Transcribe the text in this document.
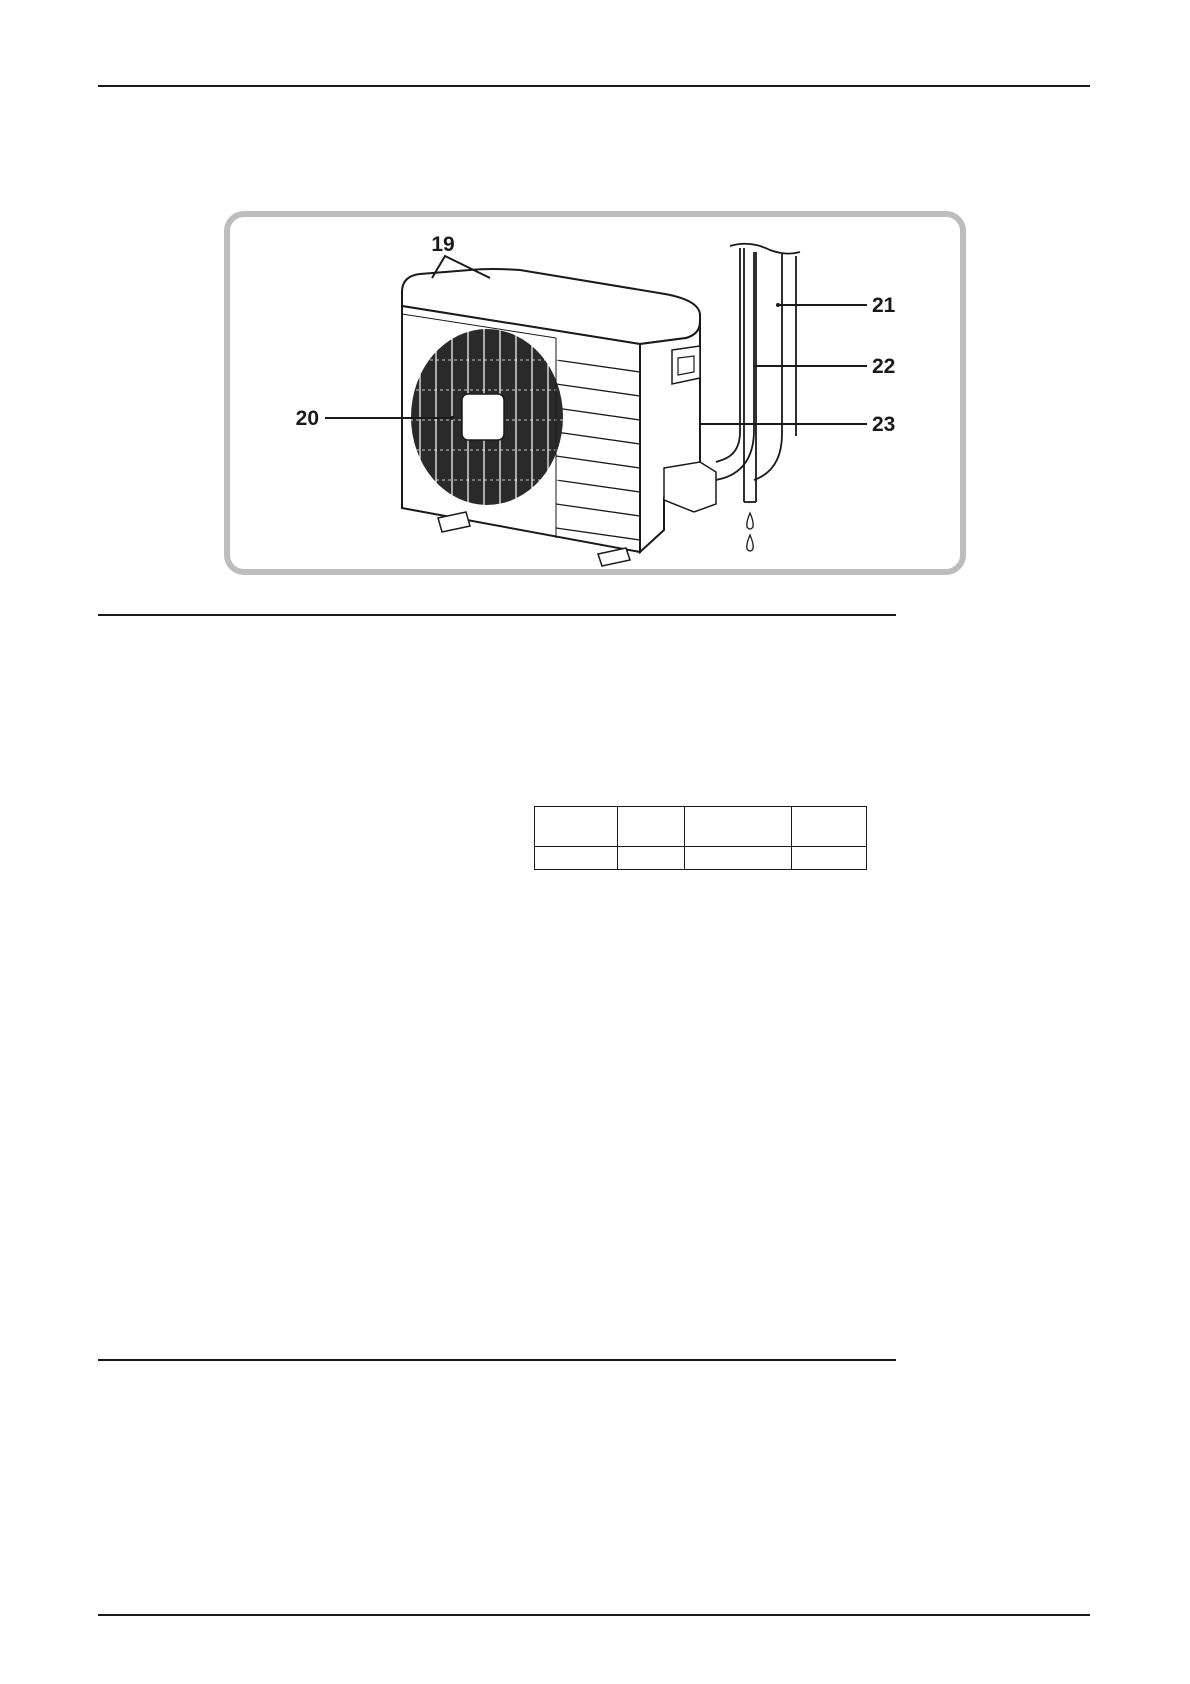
19
20
21
22
23
